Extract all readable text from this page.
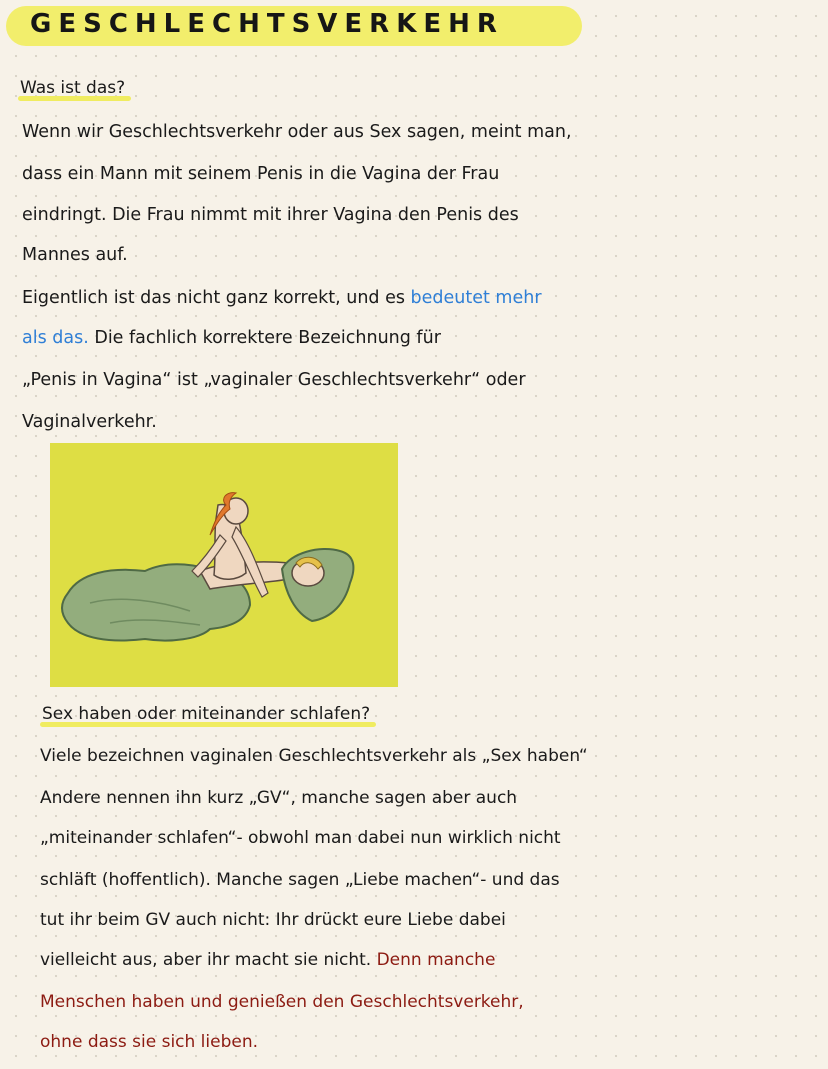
GESCHLECHTSVERKEHR
Was ist das?
Wenn wir Geschlechtsverkehr oder aus Sex sagen, meint man,
dass ein Mann mit seinem Penis in die Vagina der Frau
eindringt. Die Frau nimmt mit ihrer Vagina den Penis des
Mannes auf.
Eigentlich ist das nicht ganz korrekt, und es bedeutet mehr
als das. Die fachlich korrektere Bezeichnung für
„Penis in Vagina“ ist „vaginaler Geschlechtsverkehr“ oder
Vaginalverkehr.
Sex haben oder miteinander schlafen?
Viele bezeichnen vaginalen Geschlechtsverkehr als „Sex haben“
Andere nennen ihn kurz „GV“, manche sagen aber auch
„miteinander schlafen“- obwohl man dabei nun wirklich nicht
schläft (hoffentlich). Manche sagen „Liebe machen“- und das
tut ihr beim GV auch nicht: Ihr drückt eure Liebe dabei
vielleicht aus, aber ihr macht sie nicht. Denn manche
Menschen haben und genießen den Geschlechtsverkehr,
ohne dass sie sich lieben.
